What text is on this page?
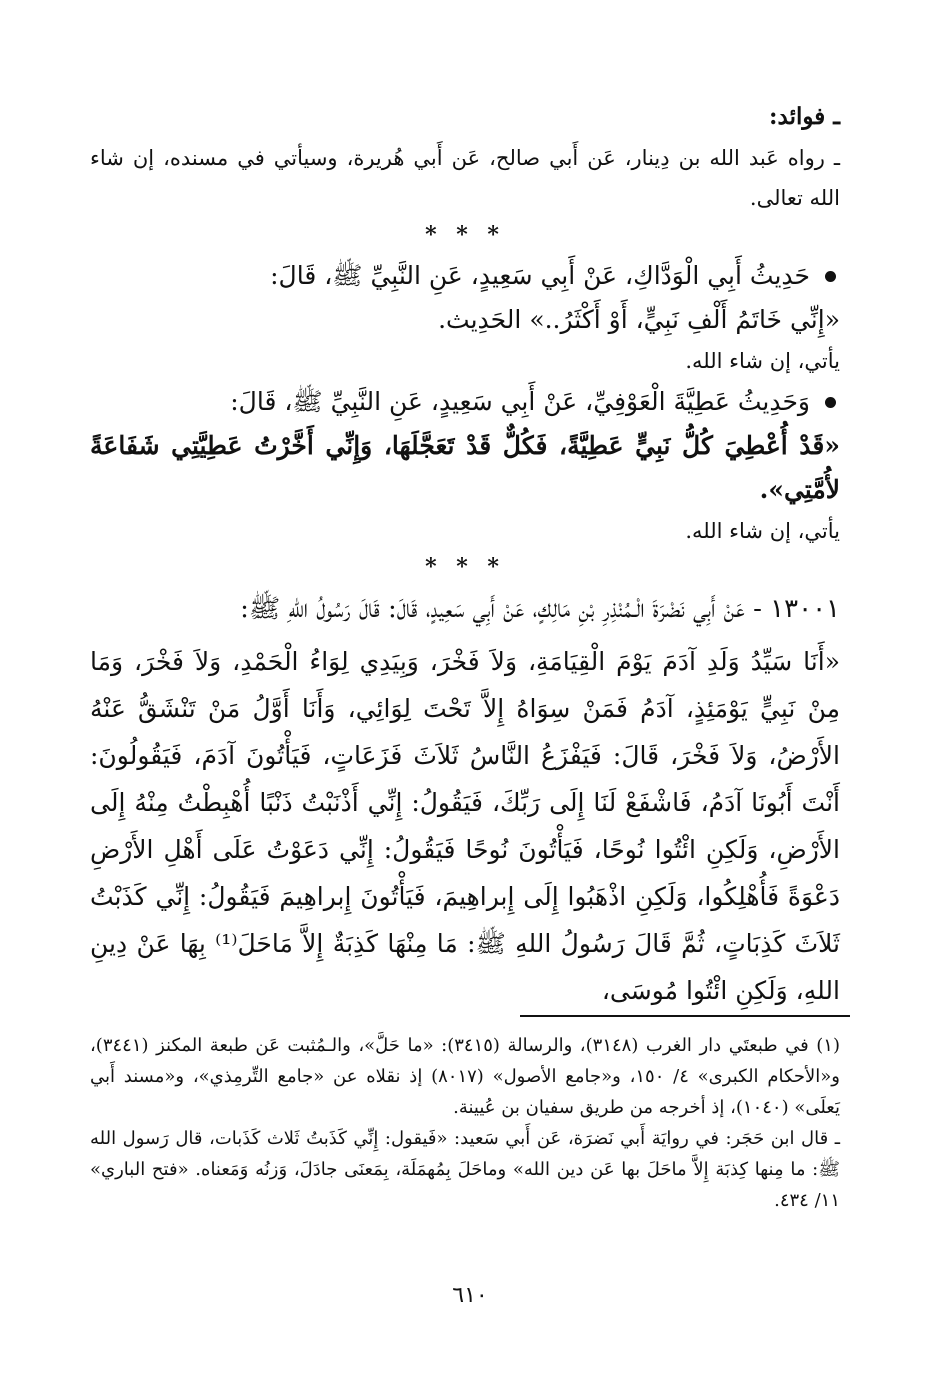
ـ فوائد:

ـ رواه عَبد الله بن دِينار، عَن أَبي صالح، عَن أَبي هُريرة، وسيأتي في مسنده، إن شاء الله تعالى.

* * *

حَدِيثُ أَبِي الْوَدَّاكِ، عَنْ أَبِي سَعِيدٍ، عَنِ النَّبِيِّ ﷺ، قَالَ:

«إِنِّي خَاتَمُ أَلْفِ نَبِيٍّ، أَوْ أَكْثَرُ..» الحَدِيث.

يأتي، إن شاء الله.

وَحَدِيثُ عَطِيَّةَ الْعَوْفِيِّ، عَنْ أَبِي سَعِيدٍ، عَنِ النَّبِيِّ ﷺ، قَالَ:

«قَدْ أُعْطِيَ كُلُّ نَبِيٍّ عَطِيَّةً، فَكُلٌّ قَدْ تَعَجَّلَهَا، وَإِنِّي أَخَّرْتُ عَطِيَّتِي شَفَاعَةً لأُمَّتِي».

يأتي، إن شاء الله.

* * *

١٣٠٠١ - عَنْ أَبِي نَضْرَةَ الْـمُنْذِرِ بْنِ مَالِكٍ، عَنْ أَبِي سَعِيدٍ، قَالَ: قَالَ رَسُولُ اللهِ ﷺ:

«أَنَا سَيِّدُ وَلَدِ آدَمَ يَوْمَ الْقِيَامَةِ، وَلاَ فَخْرَ، وَبِيَدِي لِوَاءُ الْحَمْدِ، وَلاَ فَخْرَ، وَمَا مِنْ نَبِيٍّ يَوْمَئِذٍ، آدَمُ فَمَنْ سِوَاهُ إِلاَّ تَحْتَ لِوَائِي، وَأَنَا أَوَّلُ مَنْ تَنْشَقُّ عَنْهُ الأَرْضُ، وَلاَ فَخْرَ، قَالَ: فَيَفْزَعُ النَّاسُ ثَلاَثَ فَزَعَاتٍ، فَيَأْتُونَ آدَمَ، فَيَقُولُونَ: أَنْتَ أَبُونَا آدَمُ، فَاشْفَعْ لَنَا إِلَى رَبِّكَ، فَيَقُولُ: إِنِّي أَذْنَبْتُ ذَنْبًا أُهْبِطْتُ مِنْهُ إِلَى الأَرْضِ، وَلَكِنِ ائْتُوا نُوحًا، فَيَأْتُونَ نُوحًا فَيَقُولُ: إِنِّي دَعَوْتُ عَلَى أَهْلِ الأَرْضِ دَعْوَةً فَأُهْلِكُوا، وَلَكِنِ اذْهَبُوا إِلَى إِبراهِيمَ، فَيَأْتُونَ إِبراهِيمَ فَيَقُولُ: إِنِّي كَذَبْتُ ثَلاَثَ كَذِبَاتٍ، ثُمَّ قَالَ رَسُولُ اللهِ ﷺ: مَا مِنْهَا كَذِبَةٌ إِلاَّ مَاحَلَ⁽¹⁾ بِهَا عَنْ دِينِ اللهِ، وَلَكِنِ ائْتُوا مُوسَى،

(١) في طبعتَي دار الغرب (٣١٤٨)، والرسالة (٣٤١٥): «ما حَلَّ»، والـمُثبت عَن طبعة المكنز (٣٤٤١)، و«الأحكام الكبرى» ٤/ ١٥٠، و«جامع الأصول» (٨٠١٧) إذ نقلاه عن «جامع التِّرمِذي»، و«مسند أَبي يَعلَى» (١٠٤٠)، إذ أخرجه من طريق سفيان بن عُيينة.

ـ قال ابن حَجَر: في روايَة أَبي نَضرَة، عَن أَبي سَعيد: «فَيقول: إِنِّي كَذَبتُ ثَلاث كَذَبات، قال رَسول الله ﷺ: ما مِنها كِذبَة إِلاَّ ماحَلَ بها عَن دين الله» وماحَلَ بِمُهمَلَة، بِمَعنَى جادَلَ، وَزنُه وَمَعناه. «فتح الباري» ١١/ ٤٣٤.

٦١٠
